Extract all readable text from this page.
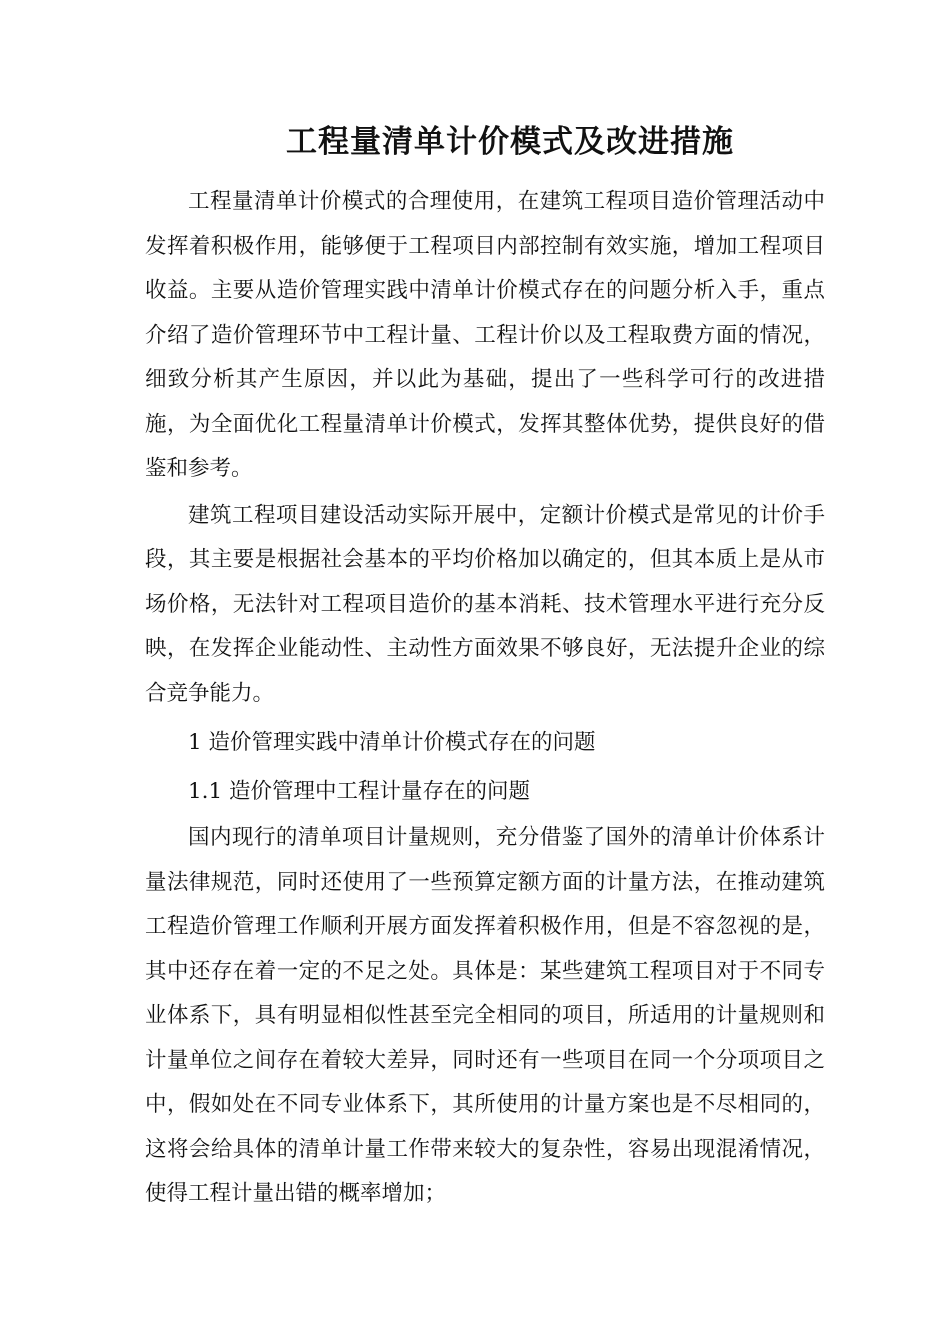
工程量清单计价模式及改进措施

工程量清单计价模式的合理使用，在建筑工程项目造价管理活动中发挥着积极作用，能够便于工程项目内部控制有效实施，增加工程项目收益。主要从造价管理实践中清单计价模式存在的问题分析入手，重点介绍了造价管理环节中工程计量、工程计价以及工程取费方面的情况，细致分析其产生原因，并以此为基础，提出了一些科学可行的改进措施，为全面优化工程量清单计价模式，发挥其整体优势，提供良好的借鉴和参考。

建筑工程项目建设活动实际开展中，定额计价模式是常见的计价手段，其主要是根据社会基本的平均价格加以确定的，但其本质上是从市场价格，无法针对工程项目造价的基本消耗、技术管理水平进行充分反映，在发挥企业能动性、主动性方面效果不够良好，无法提升企业的综合竞争能力。

1 造价管理实践中清单计价模式存在的问题

1.1 造价管理中工程计量存在的问题

国内现行的清单项目计量规则，充分借鉴了国外的清单计价体系计量法律规范，同时还使用了一些预算定额方面的计量方法，在推动建筑工程造价管理工作顺利开展方面发挥着积极作用，但是不容忽视的是，其中还存在着一定的不足之处。具体是：某些建筑工程项目对于不同专业体系下，具有明显相似性甚至完全相同的项目，所适用的计量规则和计量单位之间存在着较大差异，同时还有一些项目在同一个分项项目之中，假如处在不同专业体系下，其所使用的计量方案也是不尽相同的，这将会给具体的清单计量工作带来较大的复杂性，容易出现混淆情况，使得工程计量出错的概率增加；
